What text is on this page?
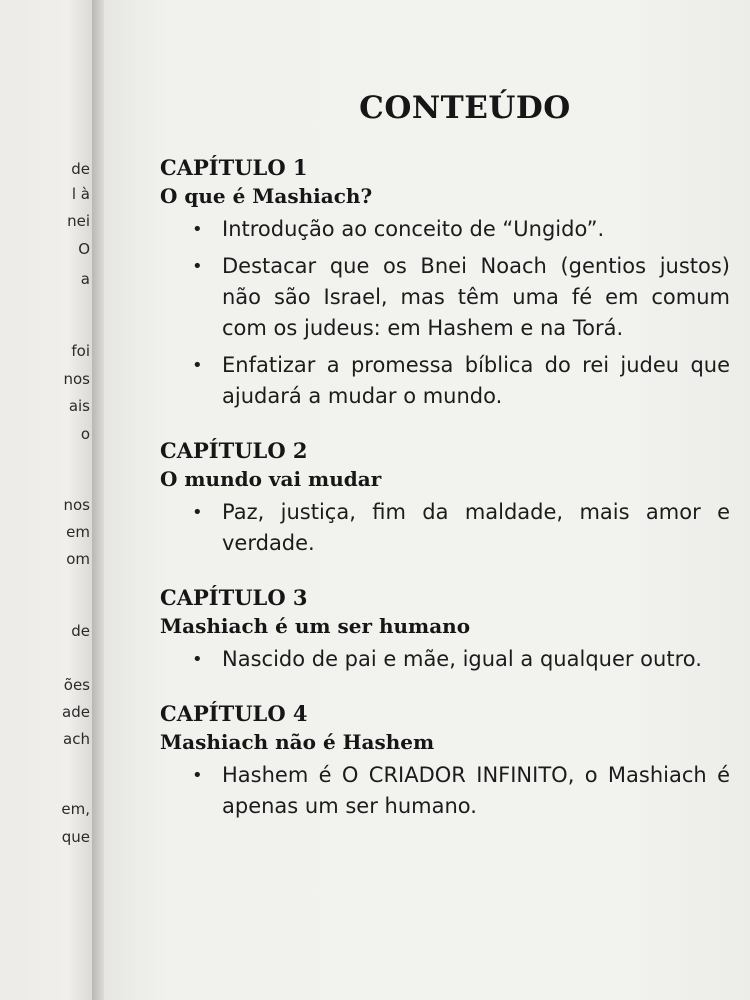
de
l à
nei
O
a
foi
nos
ais
o
nos
em
om
de
ões
ade
ach
em,
que
CONTEÚDO
CAPÍTULO 1
O que é Mashiach?
• Introdução ao conceito de “Ungido”.
• Destacar que os Bnei Noach (gentios justos) não são Israel, mas têm uma fé em comum com os judeus: em Hashem e na Torá.
• Enfatizar a promessa bíblica do rei judeu que ajudará a mudar o mundo.
CAPÍTULO 2
O mundo vai mudar
• Paz, justiça, fim da maldade, mais amor e verdade.
CAPÍTULO 3
Mashiach é um ser humano
• Nascido de pai e mãe, igual a qualquer outro.
CAPÍTULO 4
Mashiach não é Hashem
• Hashem é O CRIADOR INFINITO, o Mashiach é apenas um ser humano.
